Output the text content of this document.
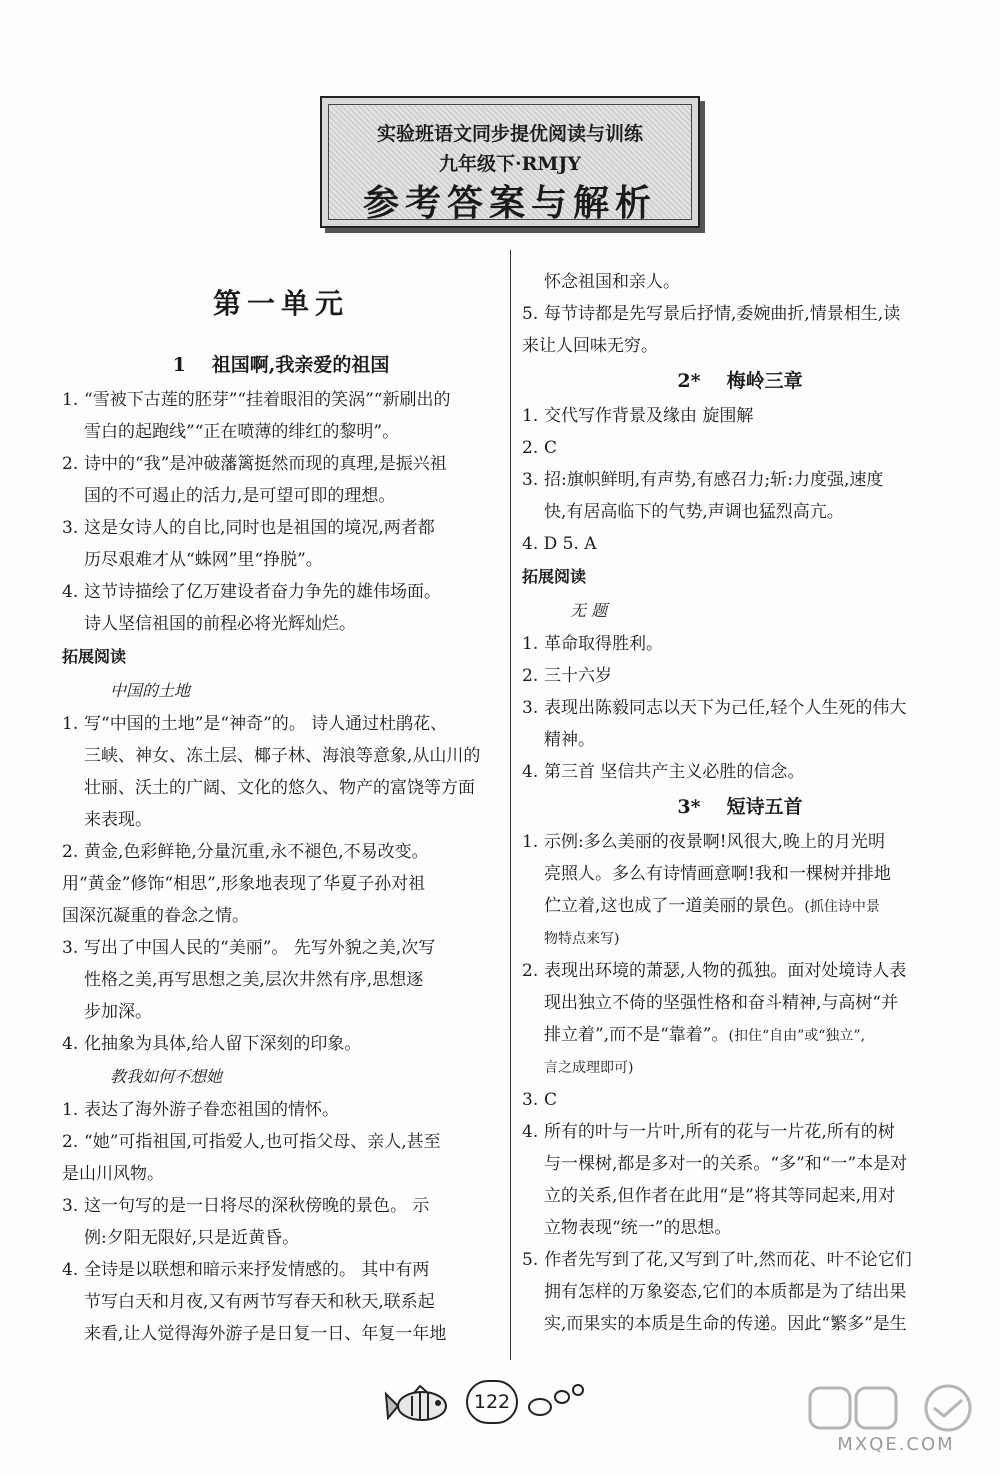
实验班语文同步提优阅读与训练
九年级下·RMJY
参考答案与解析
第一单元

1 祖国啊,我亲爱的祖国

1. “雪被下古莲的胚芽”“挂着眼泪的笑涡”“新刷出的

雪白的起跑线”“正在喷薄的绯红的黎明”。

2. 诗中的“我”是冲破藩篱挺然而现的真理,是振兴祖

国的不可遏止的活力,是可望可即的理想。

3. 这是女诗人的自比,同时也是祖国的境况,两者都

历尽艰难才从“蛛网”里“挣脱”。

4. 这节诗描绘了亿万建设者奋力争先的雄伟场面。

诗人坚信祖国的前程必将光辉灿烂。

拓展阅读

中国的土地

1. 写“中国的土地”是“神奇”的。 诗人通过杜鹃花、

三峡、神女、冻土层、椰子林、海浪等意象,从山川的

壮丽、沃土的广阔、文化的悠久、物产的富饶等方面

来表现。

2. 黄金,色彩鲜艳,分量沉重,永不褪色,不易改变。

用“黄金”修饰“相思”,形象地表现了华夏子孙对祖

国深沉凝重的眷念之情。

3. 写出了中国人民的“美丽”。 先写外貌之美,次写

性格之美,再写思想之美,层次井然有序,思想逐

步加深。

4. 化抽象为具体,给人留下深刻的印象。

教我如何不想她

1. 表达了海外游子眷恋祖国的情怀。
2. “她”可指祖国,可指爱人,也可指父母、亲人,甚至

是山川风物。

3. 这一句写的是一日将尽的深秋傍晚的景色。 示

例:夕阳无限好,只是近黄昏。

4. 全诗是以联想和暗示来抒发情感的。 其中有两

节写白天和月夜,又有两节写春天和秋天,联系起

来看,让人觉得海外游子是日复一日、年复一年地

怀念祖国和亲人。

5. 每节诗都是先写景后抒情,委婉曲折,情景相生,读

来让人回味无穷。

2* 梅岭三章

1. 交代写作背景及缘由 旋围解
2. C
3. 招:旗帜鲜明,有声势,有感召力;斩:力度强,速度

快,有居高临下的气势,声调也猛烈高亢。

4. D 5. A

拓展阅读

无 题

1. 革命取得胜利。
2. 三十六岁
3. 表现出陈毅同志以天下为己任,轻个人生死的伟大

精神。

4. 第三首 坚信共产主义必胜的信念。

3* 短诗五首

1. 示例:多么美丽的夜景啊!风很大,晚上的月光明

亮照人。多么有诗情画意啊!我和一棵树并排地

伫立着,这也成了一道美丽的景色。(抓住诗中景

物特点来写)

2. 表现出环境的萧瑟,人物的孤独。面对处境诗人表

现出独立不倚的坚强性格和奋斗精神,与高树“并

排立着”,而不是“靠着”。(扣住“自由”或“独立”,

言之成理即可)

3. C
4. 所有的叶与一片叶,所有的花与一片花,所有的树

与一棵树,都是多对一的关系。“多”和“一”本是对

立的关系,但作者在此用“是”将其等同起来,用对

立物表现“统一”的思想。

5. 作者先写到了花,又写到了叶,然而花、叶不论它们

拥有怎样的万象姿态,它们的本质都是为了结出果

实,而果实的本质是生命的传递。因此“繁多”是生

122
MXQE.COM
